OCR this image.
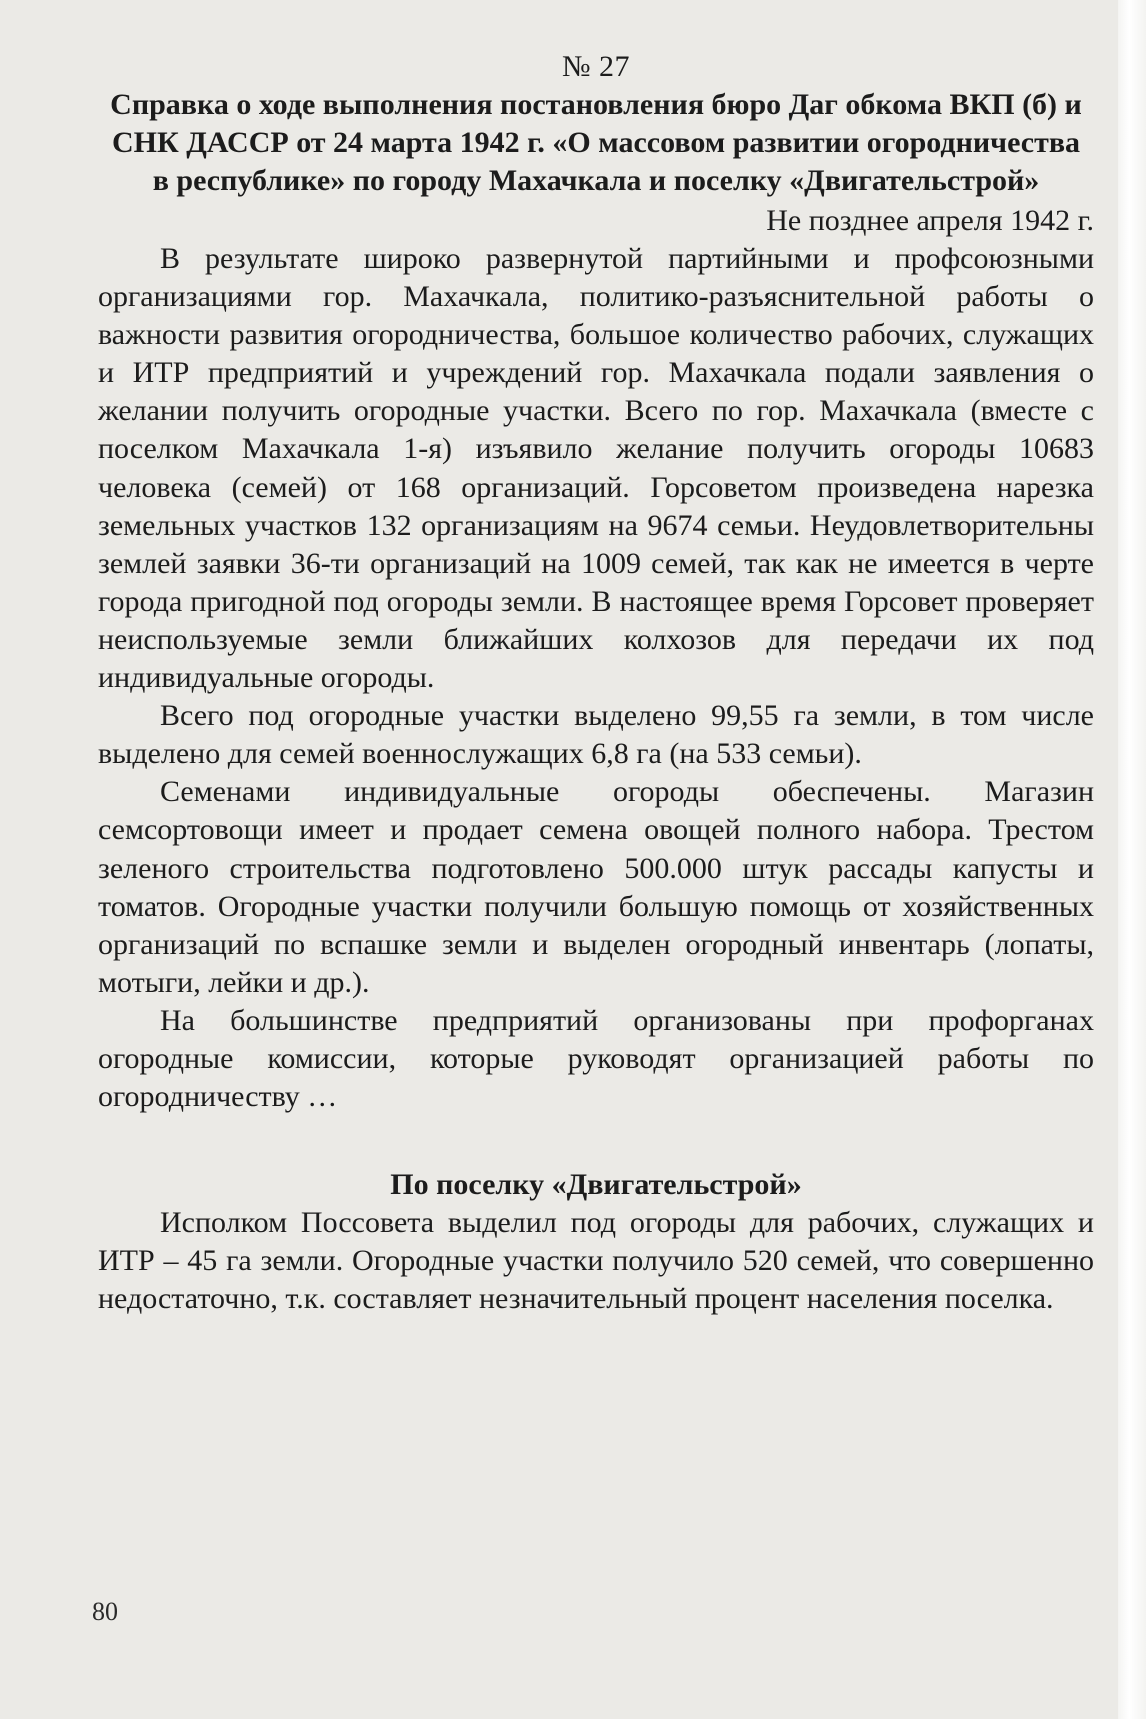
№ 27

Справка о ходе выполнения постановления бюро Даг обкома ВКП (б) и СНК ДАССР от 24 марта 1942 г. «О массовом развитии огородничества в республике» по городу Махачкала и поселку «Двигательстрой»

Не позднее апреля 1942 г.

В результате широко развернутой партийными и профсоюзными организациями гор. Махачкала, политико-разъяснительной работы о важности развития огородничества, большое количество рабочих, служащих и ИТР предприятий и учреждений гор. Махачкала подали заявления о желании получить огородные участки. Всего по гор. Махачкала (вместе с поселком Махачкала 1-я) изъявило желание получить огороды 10683 человека (семей) от 168 организаций. Горсоветом произведена нарезка земельных участков 132 организациям на 9674 семьи. Неудовлетворительны землей заявки 36-ти организаций на 1009 семей, так как не имеется в черте города пригодной под огороды земли. В настоящее время Горсовет проверяет неиспользуемые земли ближайших колхозов для передачи их под индивидуальные огороды.

Всего под огородные участки выделено 99,55 га земли, в том числе выделено для семей военнослужащих 6,8 га (на 533 семьи).

Семенами индивидуальные огороды обеспечены. Магазин семсортовощи имеет и продает семена овощей полного набора. Трестом зеленого строительства подготовлено 500.000 штук рассады капусты и томатов. Огородные участки получили большую помощь от хозяйственных организаций по вспашке земли и выделен огородный инвентарь (лопаты, мотыги, лейки и др.).

На большинстве предприятий организованы при профорганах огородные комиссии, которые руководят организацией работы по огородничеству …

По поселку «Двигательстрой»

Исполком Поссовета выделил под огороды для рабочих, служащих и ИТР – 45 га земли. Огородные участки получило 520 семей, что совершенно недостаточно, т.к. составляет незначительный процент населения поселка.

80
